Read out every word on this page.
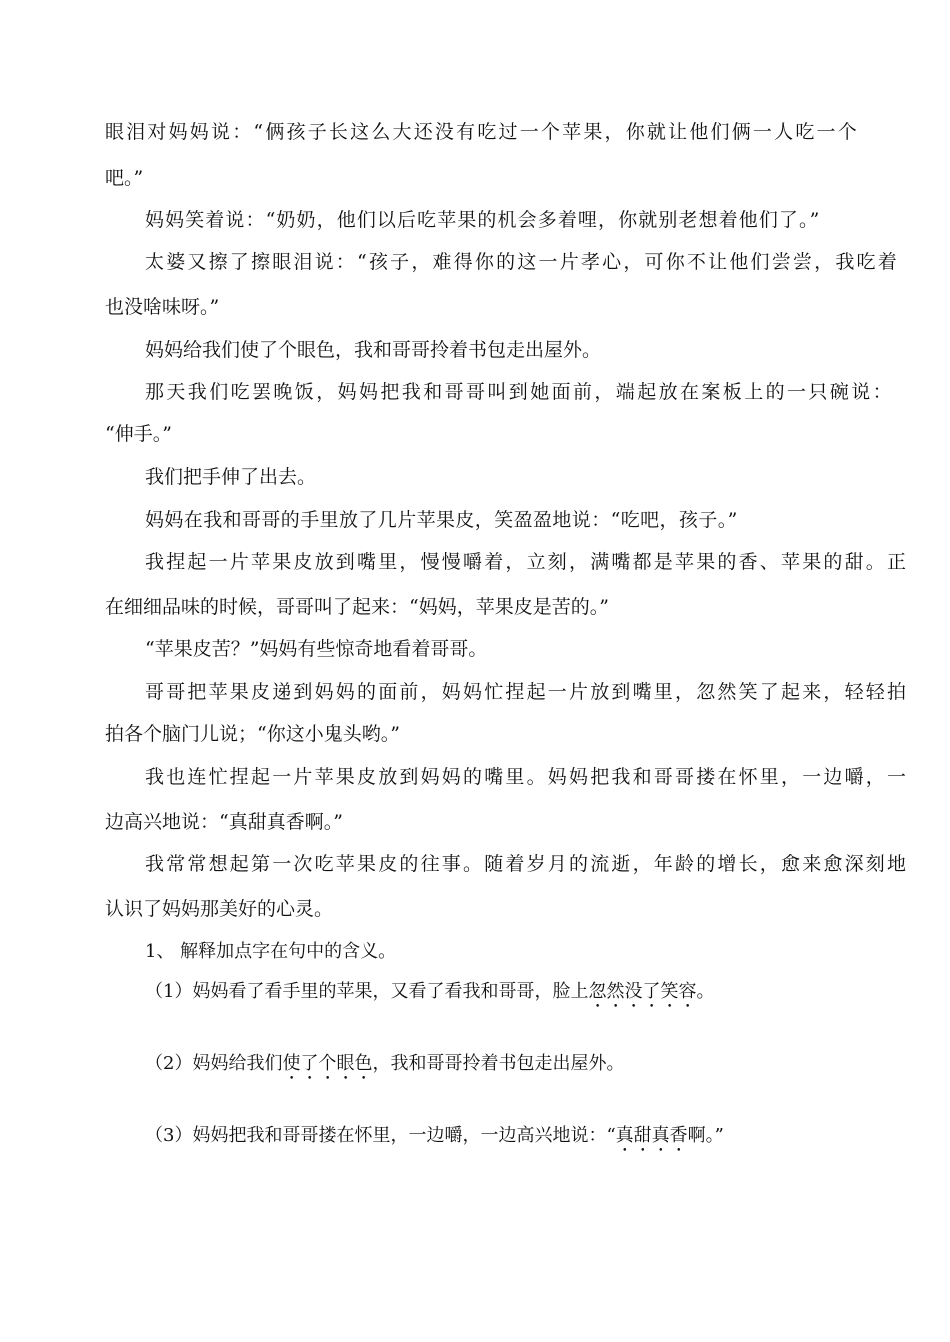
眼泪对妈妈说：“俩孩子长这么大还没有吃过一个苹果，你就让他们俩一人吃一个
吧。”
妈妈笑着说：“奶奶，他们以后吃苹果的机会多着哩，你就别老想着他们了。”
太婆又擦了擦眼泪说：“孩子，难得你的这一片孝心，可你不让他们尝尝，我吃着
也没啥味呀。”
妈妈给我们使了个眼色，我和哥哥拎着书包走出屋外。
那天我们吃罢晚饭，妈妈把我和哥哥叫到她面前，端起放在案板上的一只碗说：
“伸手。”
我们把手伸了出去。
妈妈在我和哥哥的手里放了几片苹果皮，笑盈盈地说：“吃吧，孩子。”
我捏起一片苹果皮放到嘴里，慢慢嚼着，立刻，满嘴都是苹果的香、苹果的甜。正
在细细品味的时候，哥哥叫了起来：“妈妈，苹果皮是苦的。”
“苹果皮苦？”妈妈有些惊奇地看着哥哥。
哥哥把苹果皮递到妈妈的面前，妈妈忙捏起一片放到嘴里，忽然笑了起来，轻轻拍
拍各个脑门儿说；“你这小鬼头哟。”
我也连忙捏起一片苹果皮放到妈妈的嘴里。妈妈把我和哥哥搂在怀里，一边嚼，一
边高兴地说：“真甜真香啊。”
我常常想起第一次吃苹果皮的往事。随着岁月的流逝，年龄的增长，愈来愈深刻地
认识了妈妈那美好的心灵。
1、 解释加点字在句中的含义。
（1）妈妈看了看手里的苹果，又看了看我和哥哥，脸上忽然没了笑容。
（2）妈妈给我们使了个眼色，我和哥哥拎着书包走出屋外。
（3）妈妈把我和哥哥搂在怀里，一边嚼，一边高兴地说：“真甜真香啊。”
